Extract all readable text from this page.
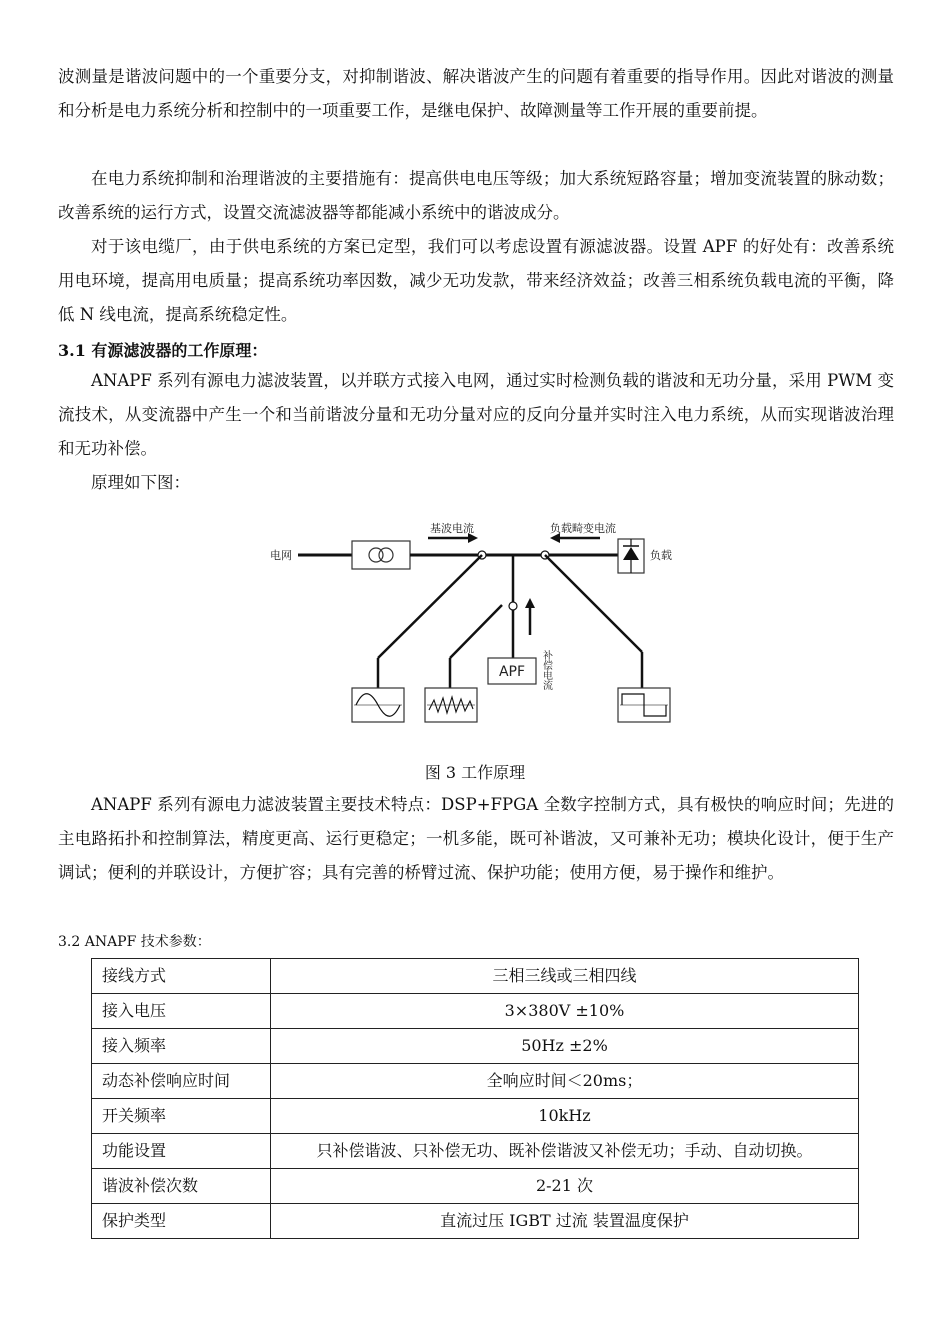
波测量是谐波问题中的一个重要分支，对抑制谐波、解决谐波产生的问题有着重要的指导作用。因此对谐波的测量和分析是电力系统分析和控制中的一项重要工作，是继电保护、故障测量等工作开展的重要前提。

在电力系统抑制和治理谐波的主要措施有：提高供电电压等级；加大系统短路容量；增加变流装置的脉动数；改善系统的运行方式，设置交流滤波器等都能减小系统中的谐波成分。

对于该电缆厂，由于供电系统的方案已定型，我们可以考虑设置有源滤波器。设置 APF 的好处有：改善系统用电环境，提高用电质量；提高系统功率因数，减少无功发款，带来经济效益；改善三相系统负载电流的平衡，降低 N 线电流，提高系统稳定性。

3.1 有源滤波器的工作原理：

ANAPF 系列有源电力滤波装置，以并联方式接入电网，通过实时检测负载的谐波和无功分量，采用 PWM 变流技术，从变流器中产生一个和当前谐波分量和无功分量对应的反向分量并实时注入电力系统，从而实现谐波治理和无功补偿。

原理如下图：

电网	负载
基波电流	负载畸变电流
APF 补偿电流

图 3 工作原理

ANAPF 系列有源电力滤波装置主要技术特点：DSP+FPGA 全数字控制方式，具有极快的响应时间；先进的主电路拓扑和控制算法，精度更高、运行更稳定；一机多能，既可补谐波，又可兼补无功；模块化设计，便于生产调试；便利的并联设计，方便扩容；具有完善的桥臂过流、保护功能；使用方便，易于操作和维护。

3.2 ANAPF 技术参数：

接线方式	三相三线或三相四线
接入电压	3×380V ±10%
接入频率	50Hz ±2%
动态补偿响应时间	全响应时间＜20ms；
开关频率	10kHz
功能设置	只补偿谐波、只补偿无功、既补偿谐波又补偿无功；手动、自动切换。
谐波补偿次数	2-21 次
保护类型	直流过压 IGBT 过流 装置温度保护
